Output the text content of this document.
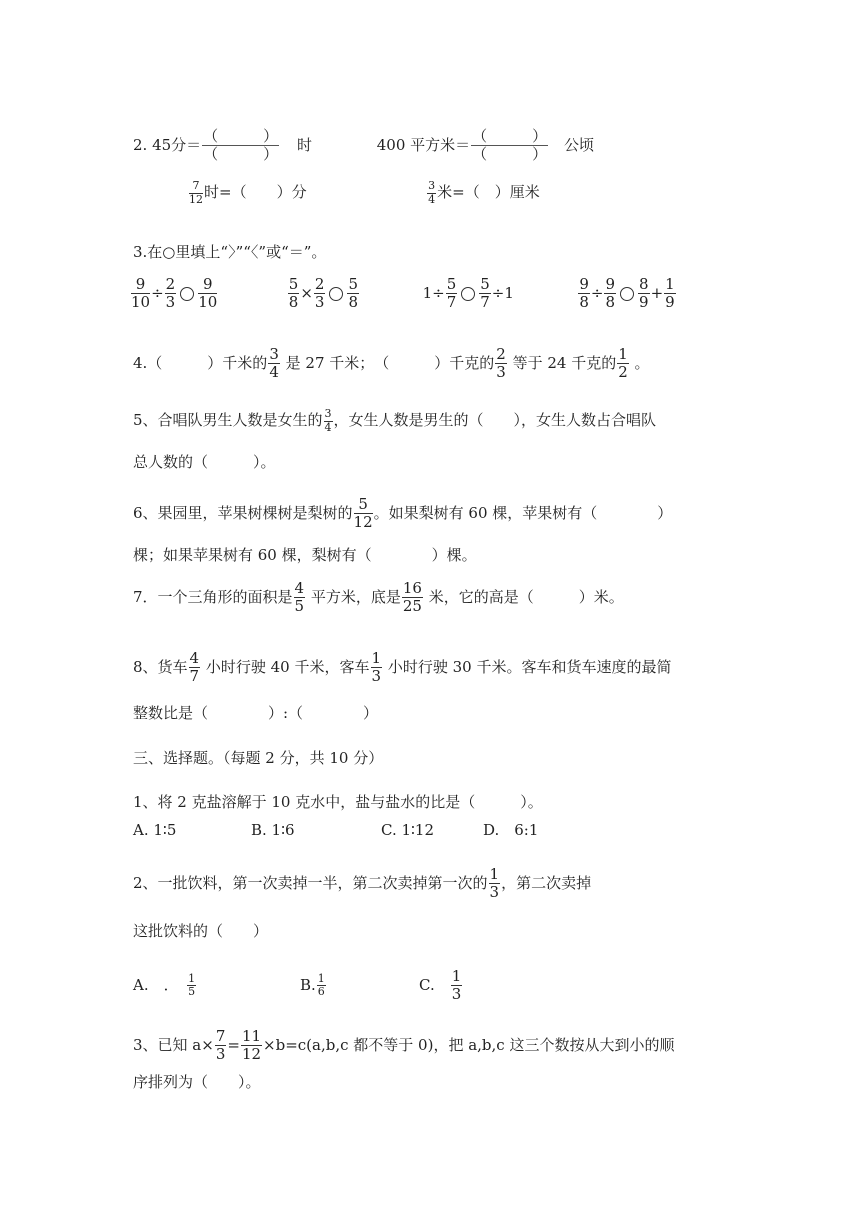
2. 45分＝ （　　　）
（　　　）
时	400 平方米＝ （　　　）
（　　　）
公顷
$\frac{7}{12}$ 时=（　　）分	$\frac{3}{4}$ 米=（　）厘米
3.在○里填上“〉”“〈”或“＝”。
$\frac{9}{10} \div \frac{2}{3} \frac{9}{10}$
	$\frac{5}{8} \times \frac{2}{3} \frac{5}{8}$	$1\div \frac{5}{7} \frac{5}{7} \div 1$	$\frac{9}{8} \div \frac{9}{8} \frac{8}{9} + \frac{1}{9}$
4.（　　　）千米的 $\frac{3}{4}$ 是 27 千米；　（　　　）千克的 $\frac{2}{3}$ 等于 24 千克的 $\frac{1}{2}$ 。
5、合唱队男生人数是女生的 $\frac{3}{4}$ ，女生人数是男生的（　　），女生人数占合唱队
总人数的（　　　）。
6、果园里，苹果树棵树是梨树的 $\frac{5}{12}$ 。如果梨树有 60 棵，苹果树有（　　　　）
棵；如果苹果树有 60 棵，梨树有（　　　　）棵。
7．一个三角形的面积是 $\frac{4}{5}$ 平方米，底是 $\frac{16}{25}$ 米，它的高是（　　　）米。
8、货车 $\frac{4}{7}$ 小时行驶 40 千米，客车 $\frac{1}{3}$ 小时行驶 30 千米。客车和货车速度的最简
整数比是（　　　　）:（　　　　）
三、选择题。（每题 2 分，共 10 分）
1、将 2 克盐溶解于 10 克水中，盐与盐水的比是（　　　）。
A. 1∶5	B. 1∶6	C. 1∶12	D.　6:1
2、一批饮料，第一次卖掉一半，第二次卖掉第一次的 $\frac{1}{3}$ ，第二次卖掉
这批饮料的（　　）
A.　．　 $\frac{1}{5}$	B. $\frac{1}{6}$	C.　 $\frac{1}{3}$
3、已知 $a\times \frac{7}{3} = \frac{11}{12} \times b=c(a,b,c$ 都不等于 0)，把 a,b,c 这三个数按从大到小的顺
序排列为（　　）。
